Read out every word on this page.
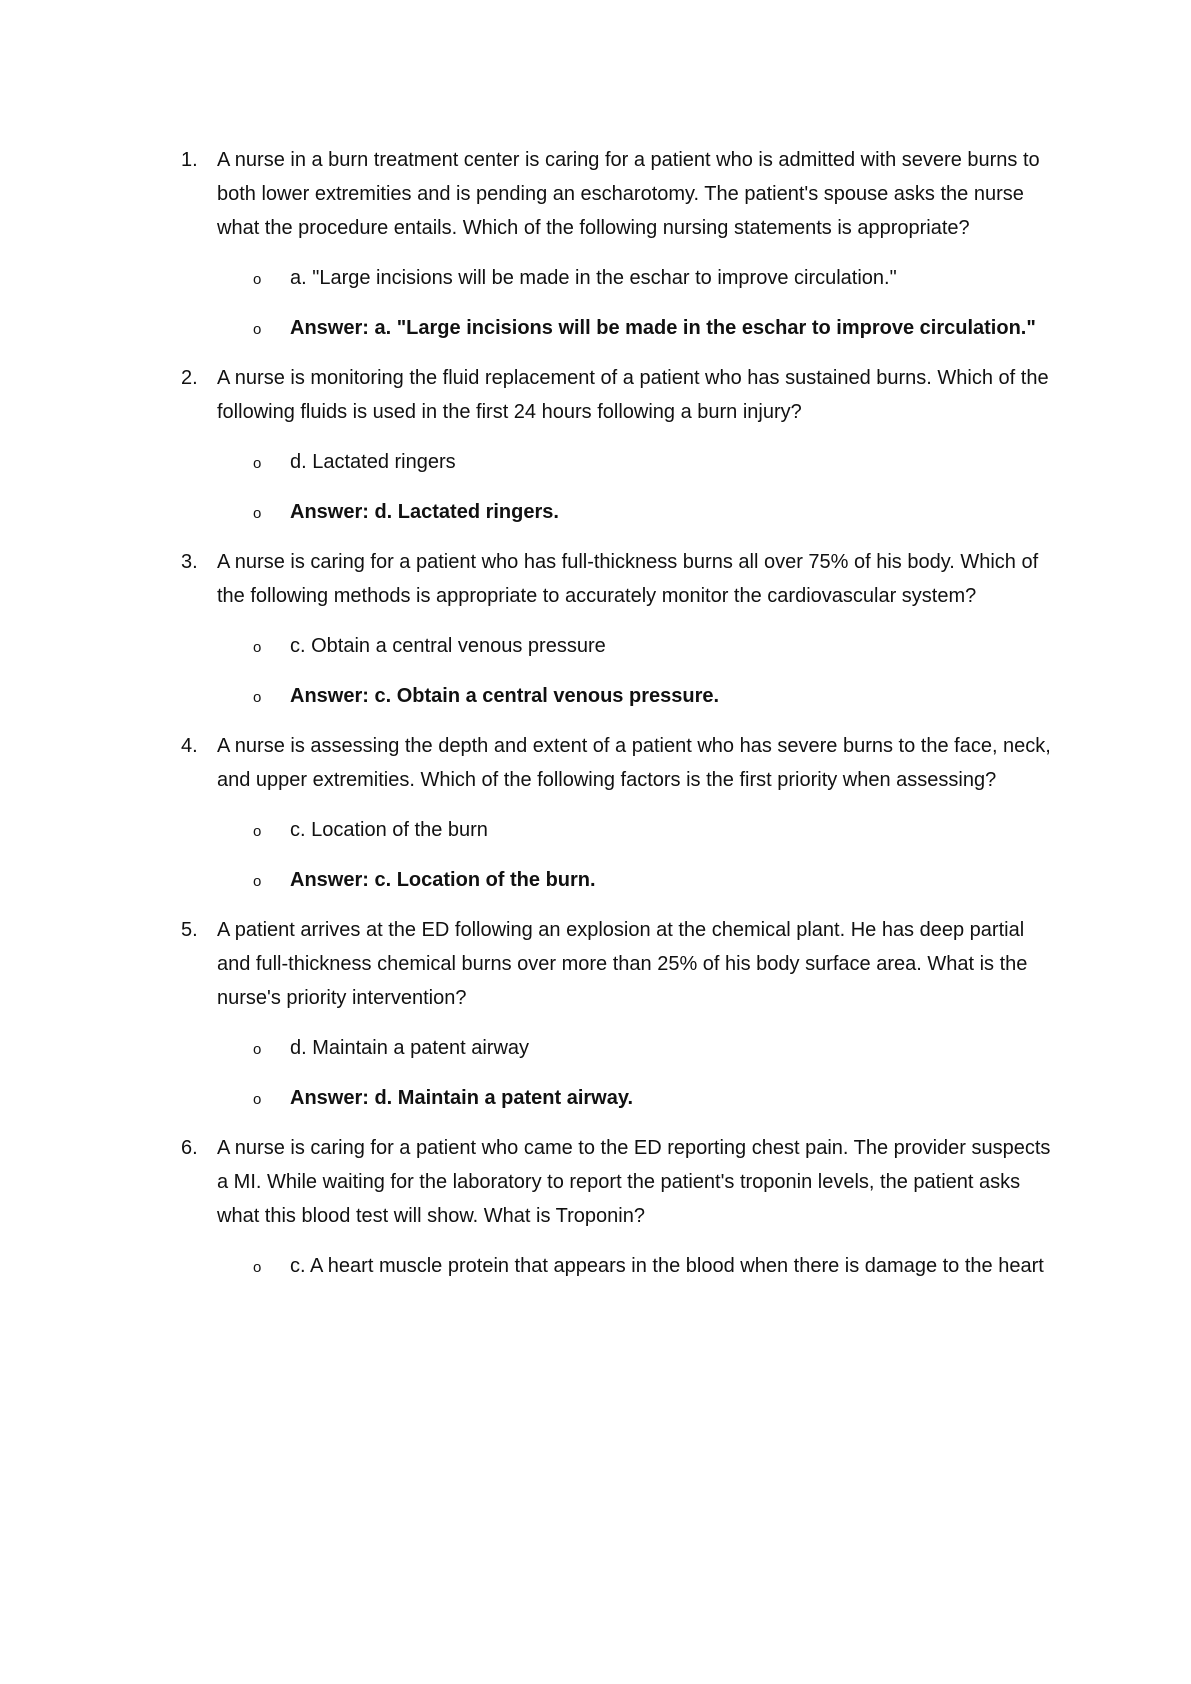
1. A nurse in a burn treatment center is caring for a patient who is admitted with severe burns to both lower extremities and is pending an escharotomy. The patient's spouse asks the nurse what the procedure entails. Which of the following nursing statements is appropriate?
o a. "Large incisions will be made in the eschar to improve circulation."
o Answer: a. "Large incisions will be made in the eschar to improve circulation."
2. A nurse is monitoring the fluid replacement of a patient who has sustained burns. Which of the following fluids is used in the first 24 hours following a burn injury?
o d. Lactated ringers
o Answer: d. Lactated ringers.
3. A nurse is caring for a patient who has full-thickness burns all over 75% of his body. Which of the following methods is appropriate to accurately monitor the cardiovascular system?
o c. Obtain a central venous pressure
o Answer: c. Obtain a central venous pressure.
4. A nurse is assessing the depth and extent of a patient who has severe burns to the face, neck, and upper extremities. Which of the following factors is the first priority when assessing?
o c. Location of the burn
o Answer: c. Location of the burn.
5. A patient arrives at the ED following an explosion at the chemical plant. He has deep partial and full-thickness chemical burns over more than 25% of his body surface area. What is the nurse's priority intervention?
o d. Maintain a patent airway
o Answer: d. Maintain a patent airway.
6. A nurse is caring for a patient who came to the ED reporting chest pain. The provider suspects a MI. While waiting for the laboratory to report the patient's troponin levels, the patient asks what this blood test will show. What is Troponin?
o c. A heart muscle protein that appears in the blood when there is damage to the heart
